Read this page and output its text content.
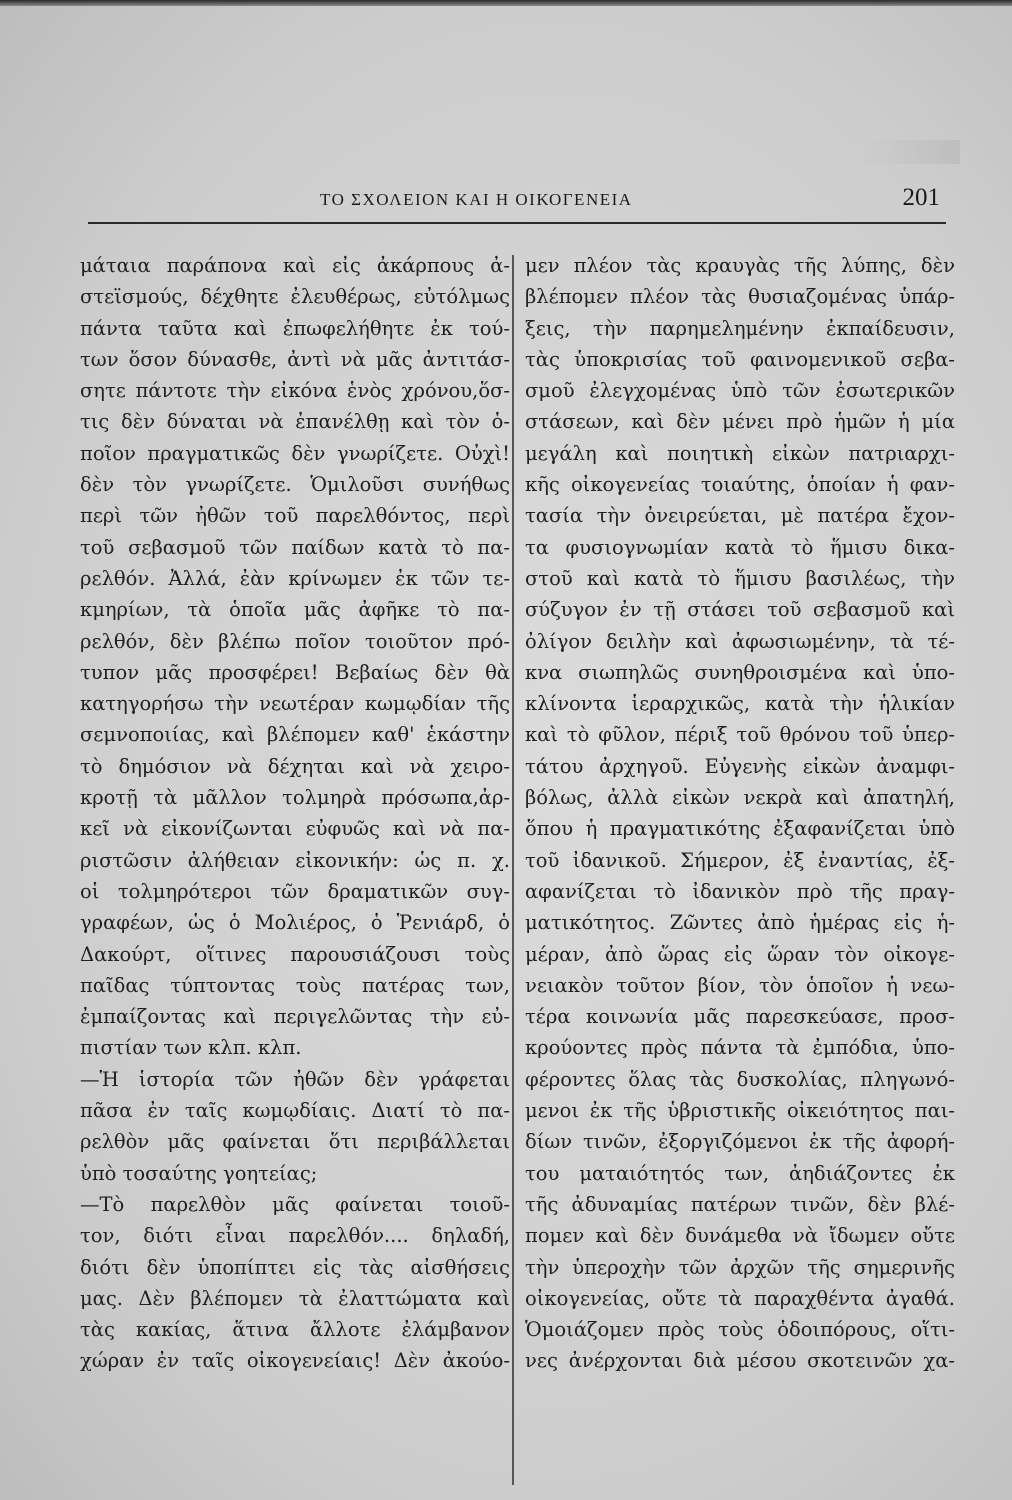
ΤΟ ΣΧΟΛΕΙΟΝ ΚΑΙ Η ΟΙΚΟΓΕΝΕΙΑ	201
μάταια παράπονα καὶ εἰς ἀκάρπους ἀ-
στεϊσμούς, δέχθητε ἐλευθέρως, εὐτόλμως
πάντα ταῦτα καὶ ἐπωφελήθητε ἐκ τού-
των ὅσον δύνασθε, ἀντὶ νὰ μᾶς ἀντιτάσ-
σητε πάντοτε τὴν εἰκόνα ἑνὸς χρόνου,ὅσ-
τις δὲν δύναται νὰ ἐπανέλθῃ καὶ τὸν ὁ-
ποῖον πραγματικῶς δὲν γνωρίζετε. Οὐχὶ!
δὲν τὸν γνωρίζετε. Ὁμιλοῦσι συνήθως
περὶ τῶν ἠθῶν τοῦ παρελθόντος, περὶ
τοῦ σεβασμοῦ τῶν παίδων κατὰ τὸ πα-
ρελθόν. Ἀλλά, ἐὰν κρίνωμεν ἐκ τῶν τε-
κμηρίων, τὰ ὁποῖα μᾶς ἀφῆκε τὸ πα-
ρελθόν, δὲν βλέπω ποῖον τοιοῦτον πρό-
τυπον μᾶς προσφέρει! Βεβαίως δὲν θὰ
κατηγορήσω τὴν νεωτέραν κωμῳδίαν τῆς
σεμνοποιίας, καὶ βλέπομεν καθ' ἑκάστην
τὸ δημόσιον νὰ δέχηται καὶ νὰ χειρο-
κροτῇ τὰ μᾶλλον τολμηρὰ πρόσωπα,ἀρ-
κεῖ νὰ εἰκονίζωνται εὐφυῶς καὶ νὰ πα-
ριστῶσιν ἀλήθειαν εἰκονικήν: ὡς π. χ.
οἱ τολμηρότεροι τῶν δραματικῶν συγ-
γραφέων, ὡς ὁ Μολιέρος, ὁ Ῥενιάρδ, ὁ
Δακούρτ, οἵτινες παρουσιάζουσι τοὺς
παῖδας τύπτοντας τοὺς πατέρας των,
ἐμπαίζοντας καὶ περιγελῶντας τὴν εὐ-
πιστίαν των κλπ. κλπ.
—Ἡ ἱστορία τῶν ἠθῶν δὲν γράφεται
πᾶσα ἐν ταῖς κωμῳδίαις. Διατί τὸ πα-
ρελθὸν μᾶς φαίνεται ὅτι περιβάλλεται
ὑπὸ τοσαύτης γοητείας;
—Τὸ παρελθὸν μᾶς φαίνεται τοιοῦ-
τον, διότι εἶναι παρελθόν.... δηλαδή,
διότι δὲν ὑποπίπτει εἰς τὰς αἰσθήσεις
μας. Δὲν βλέπομεν τὰ ἐλαττώματα καὶ
τὰς κακίας, ἅτινα ἄλλοτε ἐλάμβανον
χώραν ἐν ταῖς οἰκογενείαις! Δὲν ἀκούο-
μεν πλέον τὰς κραυγὰς τῆς λύπης, δὲν
βλέπομεν πλέον τὰς θυσιαζομένας ὑπάρ-
ξεις, τὴν παρημελημένην ἐκπαίδευσιν,
τὰς ὑποκρισίας τοῦ φαινομενικοῦ σεβα-
σμοῦ ἐλεγχομένας ὑπὸ τῶν ἐσωτερικῶν
στάσεων, καὶ δὲν μένει πρὸ ἡμῶν ἡ μία
μεγάλη καὶ ποιητικὴ εἰκὼν πατριαρχι-
κῆς οἰκογενείας τοιαύτης, ὁποίαν ἡ φαν-
τασία τὴν ὀνειρεύεται, μὲ πατέρα ἔχον-
τα φυσιογνωμίαν κατὰ τὸ ἥμισυ δικα-
στοῦ καὶ κατὰ τὸ ἥμισυ βασιλέως, τὴν
σύζυγον ἐν τῇ στάσει τοῦ σεβασμοῦ καὶ
ὀλίγον δειλὴν καὶ ἀφωσιωμένην, τὰ τέ-
κνα σιωπηλῶς συνηθροισμένα καὶ ὑπο-
κλίνοντα ἱεραρχικῶς, κατὰ τὴν ἡλικίαν
καὶ τὸ φῦλον, πέριξ τοῦ θρόνου τοῦ ὑπερ-
τάτου ἀρχηγοῦ. Εὐγενὴς εἰκὼν ἀναμφι-
βόλως, ἀλλὰ εἰκὼν νεκρὰ καὶ ἀπατηλή,
ὅπου ἡ πραγματικότης ἐξαφανίζεται ὑπὸ
τοῦ ἰδανικοῦ. Σήμερον, ἐξ ἐναντίας, ἐξ-
αφανίζεται τὸ ἰδανικὸν πρὸ τῆς πραγ-
ματικότητος. Ζῶντες ἀπὸ ἡμέρας εἰς ἡ-
μέραν, ἀπὸ ὥρας εἰς ὥραν τὸν οἰκογε-
νειακὸν τοῦτον βίον, τὸν ὁποῖον ἡ νεω-
τέρα κοινωνία μᾶς παρεσκεύασε, προσ-
κρούοντες πρὸς πάντα τὰ ἐμπόδια, ὑπο-
φέροντες ὅλας τὰς δυσκολίας, πληγωνό-
μενοι ἐκ τῆς ὑβριστικῆς οἰκειότητος παι-
δίων τινῶν, ἐξοργιζόμενοι ἐκ τῆς ἀφορή-
του ματαιότητός των, ἀηδιάζοντες ἐκ
τῆς ἀδυναμίας πατέρων τινῶν, δὲν βλέ-
πομεν καὶ δὲν δυνάμεθα νὰ ἴδωμεν οὔτε
τὴν ὑπεροχὴν τῶν ἀρχῶν τῆς σημερινῆς
οἰκογενείας, οὔτε τὰ παραχθέντα ἀγαθά.
Ὁμοιάζομεν πρὸς τοὺς ὁδοιπόρους, οἵτι-
νες ἀνέρχονται διὰ μέσου σκοτεινῶν χα-
